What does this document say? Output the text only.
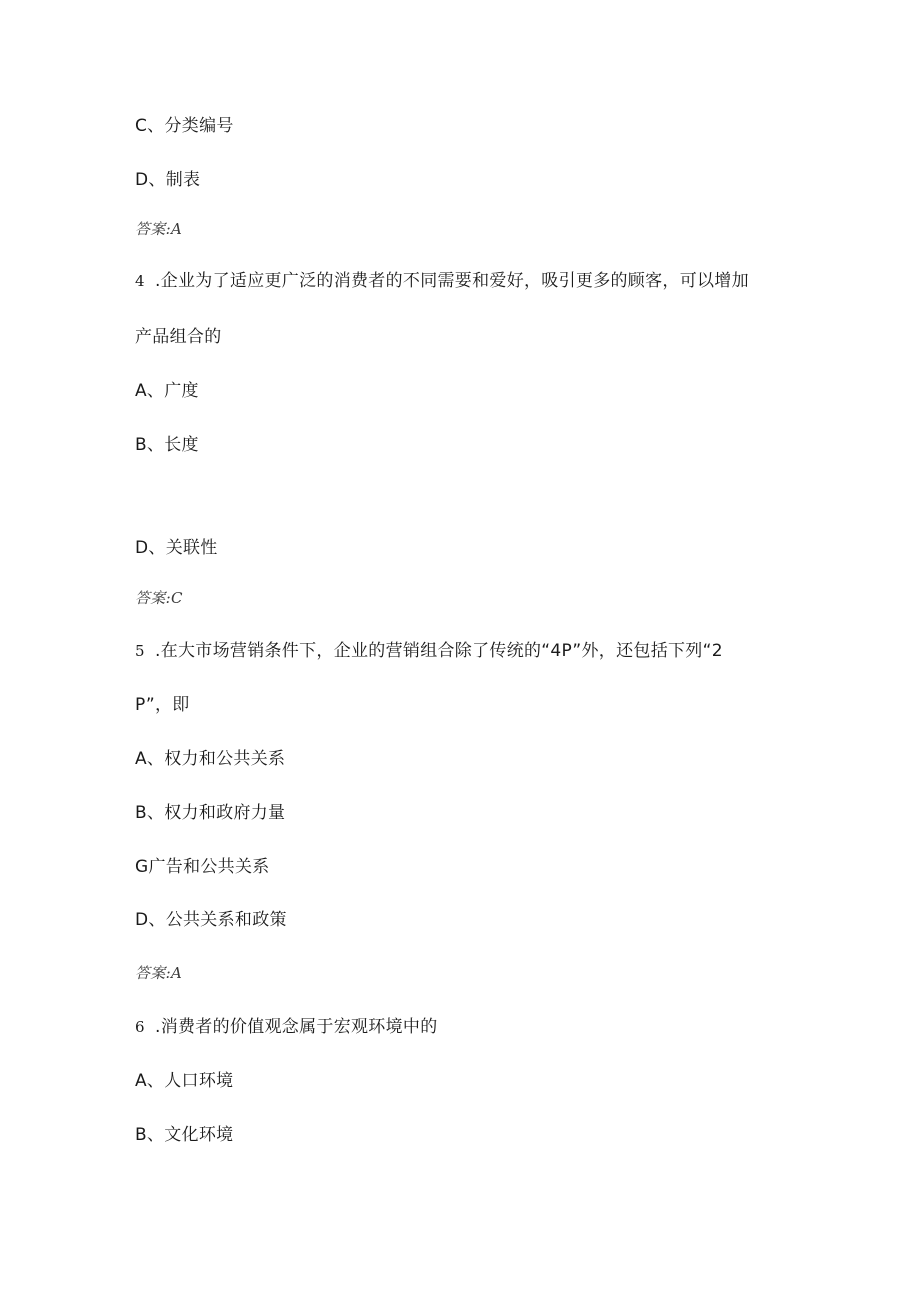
C、分类编号
D、制表
答案:A
4 .企业为了适应更广泛的消费者的不同需要和爱好，吸引更多的顾客，可以增加
产品组合的
A、广度
B、长度
D、关联性
答案:C
5 .在大市场营销条件下，企业的营销组合除了传统的“4P”外，还包括下列“2
P”，即
A、权力和公共关系
B、权力和政府力量
G广告和公共关系
D、公共关系和政策
答案:A
6 .消费者的价值观念属于宏观环境中的
A、人口环境
B、文化环境
